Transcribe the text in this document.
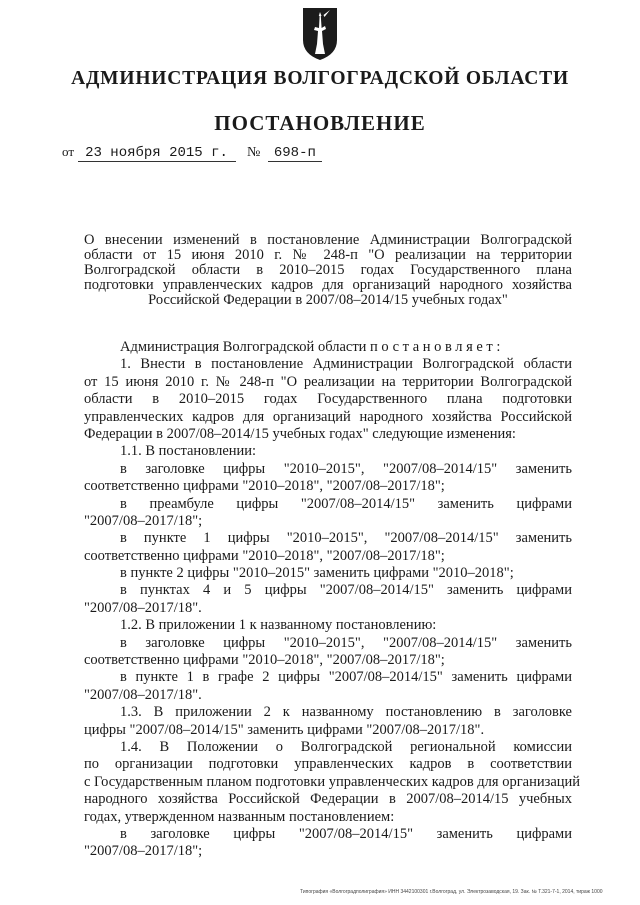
АДМИНИСТРАЦИЯ ВОЛГОГРАДСКОЙ ОБЛАСТИ
ПОСТАНОВЛЕНИЕ
от 23 ноября 2015 г. № 698-п
О внесении изменений в постановление Администрации Волгоградской
области от 15 июня 2010 г. № 248-п "О реализации на территории
Волгоградской области в 2010–2015 годах Государственного плана
подготовки управленческих кадров для организаций народного хозяйства
Российской Федерации в 2007/08–2014/15 учебных годах"
Администрация Волгоградской области постановляет:
1. Внести в постановление Администрации Волгоградской области
от 15 июня 2010 г. № 248-п "О реализации на территории Волгоградской
области в 2010–2015 годах Государственного плана подготовки
управленческих кадров для организаций народного хозяйства Российской
Федерации в 2007/08–2014/15 учебных годах" следующие изменения:
1.1. В постановлении:
в заголовке цифры "2010–2015", "2007/08–2014/15" заменить
соответственно цифрами "2010–2018", "2007/08–2017/18";
в преамбуле цифры "2007/08–2014/15" заменить цифрами
"2007/08–2017/18";
в пункте 1 цифры "2010–2015", "2007/08–2014/15" заменить
соответственно цифрами "2010–2018", "2007/08–2017/18";
в пункте 2 цифры "2010–2015" заменить цифрами "2010–2018";
в пунктах 4 и 5 цифры "2007/08–2014/15" заменить цифрами
"2007/08–2017/18".
1.2. В приложении 1 к названному постановлению:
в заголовке цифры "2010–2015", "2007/08–2014/15" заменить
соответственно цифрами "2010–2018", "2007/08–2017/18";
в пункте 1 в графе 2 цифры "2007/08–2014/15" заменить цифрами
"2007/08–2017/18".
1.3. В приложении 2 к названному постановлению в заголовке
цифры "2007/08–2014/15" заменить цифрами "2007/08–2017/18".
1.4. В Положении о Волгоградской региональной комиссии
по организации подготовки управленческих кадров в соответствии
с Государственным планом подготовки управленческих кадров для организаций
народного хозяйства Российской Федерации в 2007/08–2014/15 учебных
годах, утвержденном названным постановлением:
в заголовке цифры "2007/08–2014/15" заменить цифрами
"2007/08–2017/18";
Типография «Волгоградполиграфия» ИНН 3442100301 г.Волгоград, ул. Электрозаводская, 19. Зак. № Т.321-7-1, 2014, тираж 1000
